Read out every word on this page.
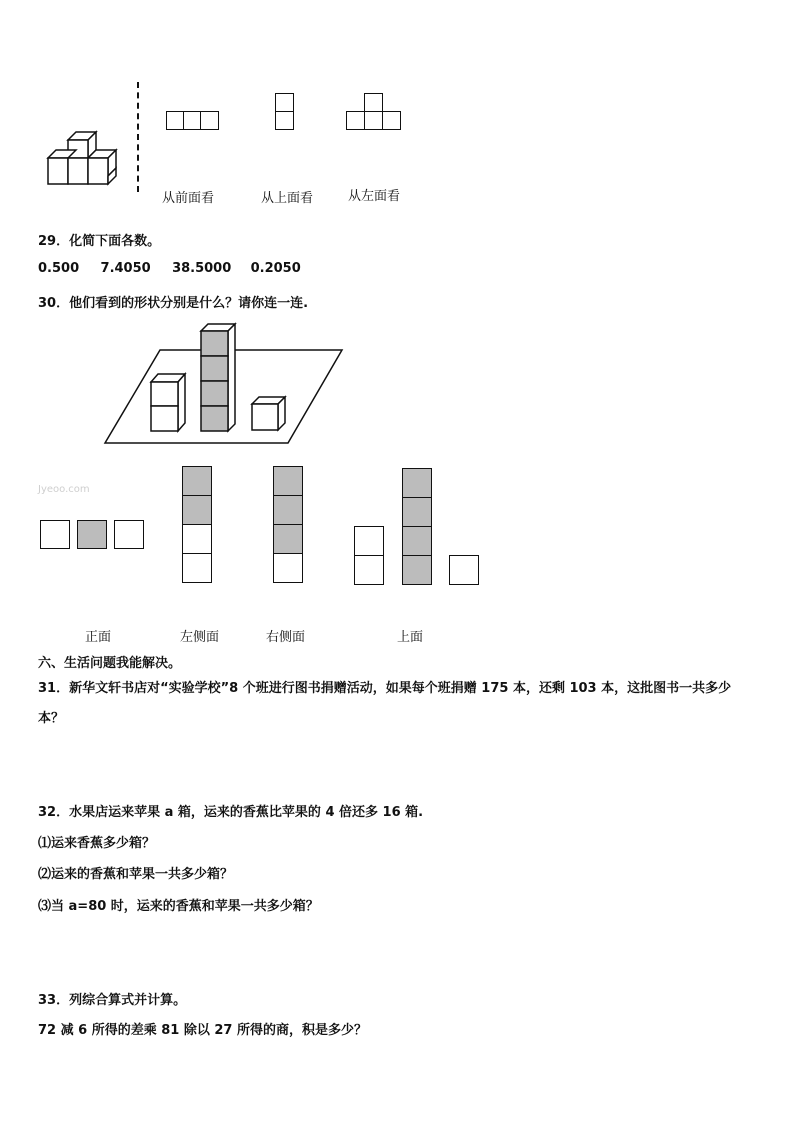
从前面看	从上面看	从左面看
29．化简下面各数。
0.500 7.4050 38.5000 0.2050
30．他们看到的形状分别是什么？请你连一连.
Jyeoo.com
正面	左侧面	右侧面	上面
六、生活问题我能解决。
31．新华文轩书店对“实验学校”8 个班进行图书捐赠活动，如果每个班捐赠 175 本，还剩 103 本，这批图书一共多少
本？
32．水果店运来苹果 a 箱，运来的香蕉比苹果的 4 倍还多 16 箱.
⑴运来香蕉多少箱？
⑵运来的香蕉和苹果一共多少箱？
⑶当 a=80 时，运来的香蕉和苹果一共多少箱？
33．列综合算式并计算。
72 减 6 所得的差乘 81 除以 27 所得的商，积是多少？
